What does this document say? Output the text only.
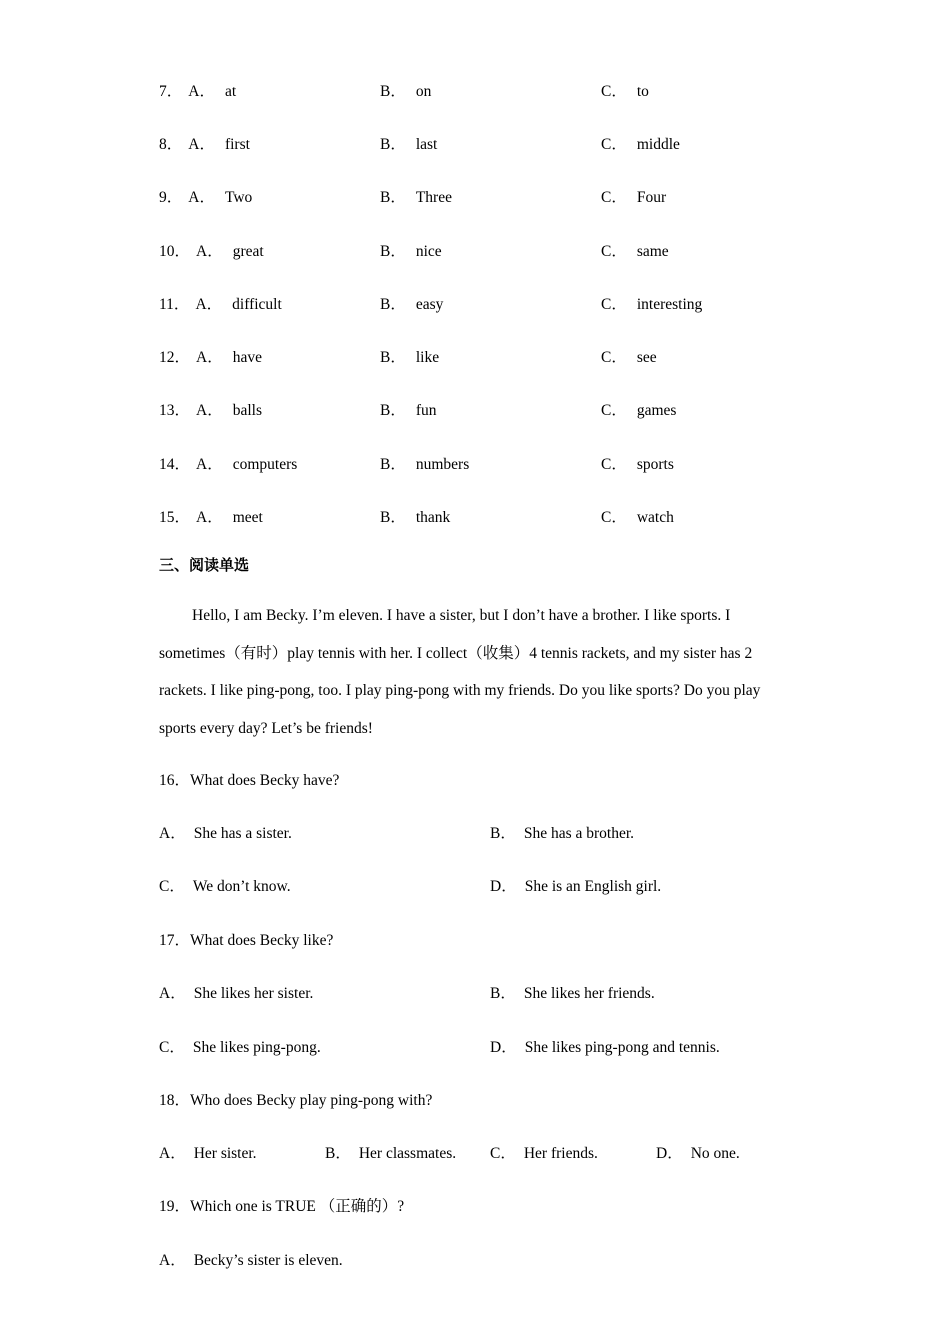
7． A． at	B． on	C． to
8． A． first	B． last	C． middle
9． A． Two	B． Three	C． Four
10． A． great	B． nice	C． same
11． A． difficult	B． easy	C． interesting
12． A． have	B． like	C． see
13． A． balls	B． fun	C． games
14． A． computers	B． numbers	C． sports
15． A． meet	B． thank	C． watch
三、阅读单选
Hello, I am Becky. I’m eleven. I have a sister, but I don’t have a brother. I like sports. I sometimes（有时）play tennis with her. I collect（收集）4 tennis rackets, and my sister has 2 rackets. I like ping-pong, too. I play ping-pong with my friends. Do you like sports? Do you play sports every day? Let’s be friends!
16．What does Becky have?
A． She has a sister.	B． She has a brother.
C． We don’t know.	D． She is an English girl.
17．What does Becky like?
A． She likes her sister.	B． She likes her friends.
C． She likes ping-pong.	D． She likes ping-pong and tennis.
18．Who does Becky play ping-pong with?
A． Her sister.	B． Her classmates. C． Her friends.	D． No one.
19．Which one is TRUE （正确的）?
A． Becky’s sister is eleven.
